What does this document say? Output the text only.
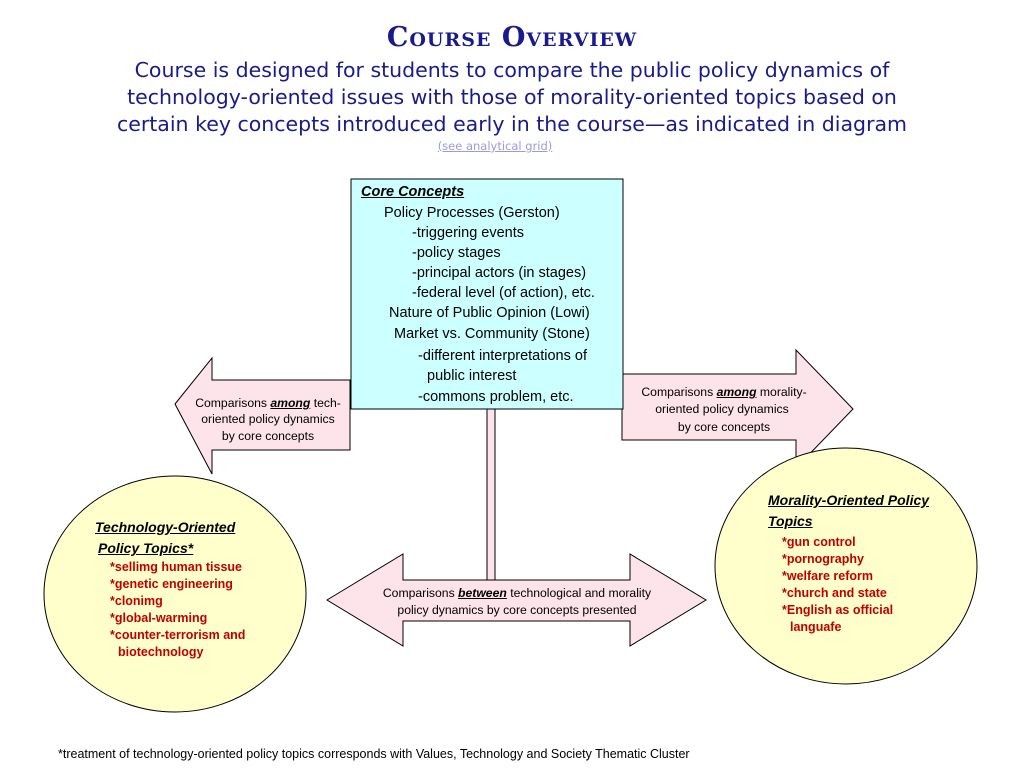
Course Overview
Course is designed for students to compare the public policy dynamics of
technology-oriented issues with those of morality-oriented topics based on
certain key concepts introduced early in the course—as indicated in diagram
(see analytical grid)
Core Concepts
Policy Processes (Gerston)
-triggering events
-policy stages
-principal actors (in stages)
-federal level (of action), etc.
Nature of Public Opinion (Lowi)
Market vs. Community (Stone)
-different interpretations of
public interest
-commons problem, etc.
Comparisons among tech-
oriented policy dynamics
by core concepts
Comparisons among morality-
oriented policy dynamics
by core concepts
Comparisons between technological and morality
policy dynamics by core concepts presented
Technology-Oriented
Policy Topics*
*sellimg human tissue
*genetic engineering
*clonimg
*global-warming
*counter-terrorism and
biotechnology
Morality-Oriented Policy
Topics
*gun control
*pornography
*welfare reform
*church and state
*English as official
languafe
*treatment of technology-oriented policy topics corresponds with Values, Technology and Society Thematic Cluster
